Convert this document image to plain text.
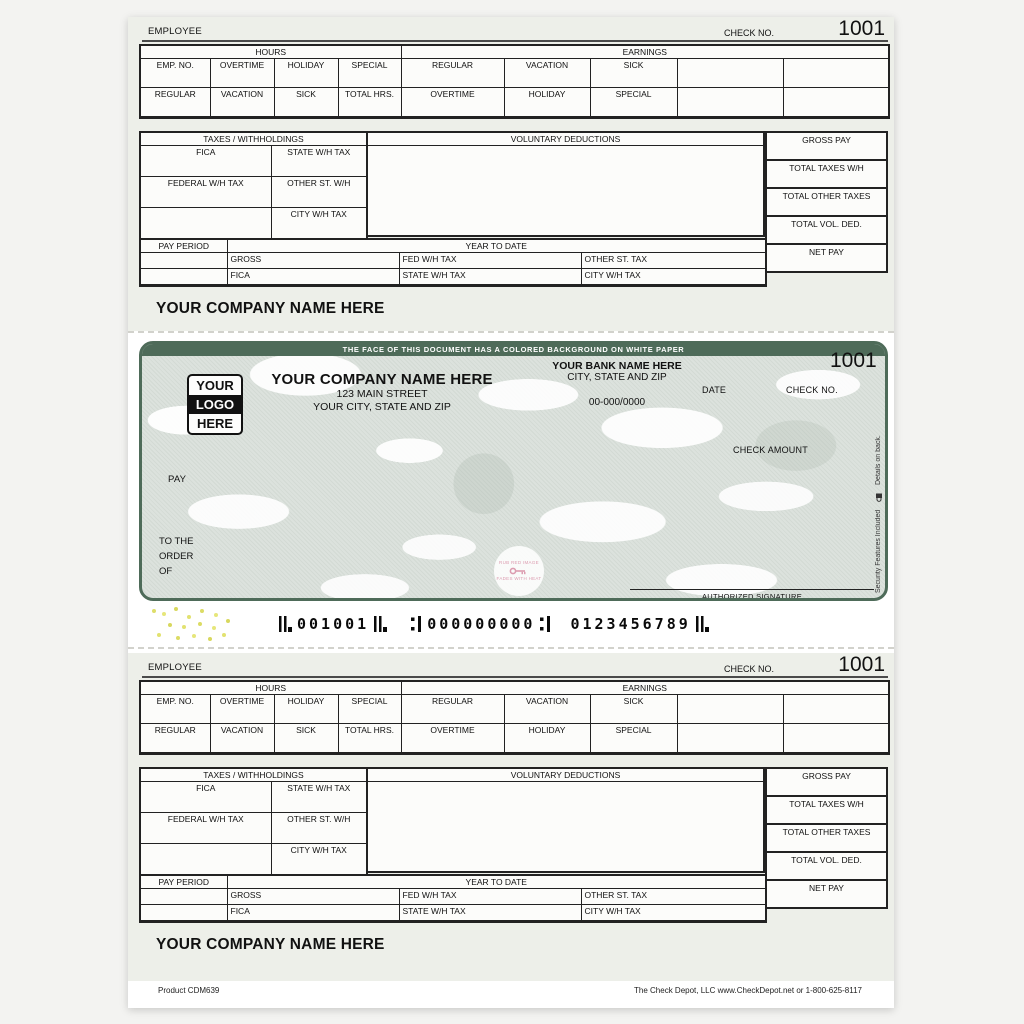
EMPLOYEE	CHECK NO.	1001
HOURS				EARNINGS				
EMP. NO.	OVERTIME	HOLIDAY	SPECIAL	REGULAR	VACATION	SICK		
REGULAR	VACATION	SICK	TOTAL HRS.	OVERTIME	HOLIDAY	SPECIAL		
TAXES / WITHHOLDINGS	
FICA	STATE W/H TAX
FEDERAL W/H TAX	OTHER ST. W/H
	CITY W/H TAX
VOLUNTARY DEDUCTIONS	GROSS PAY
TOTAL TAXES W/H
TOTAL OTHER TAXES
TOTAL VOL. DED.
NET PAY
PAY PERIOD	YEAR TO DATE		
	GROSS	FED W/H TAX	OTHER ST. TAX
	FICA	STATE W/H TAX	CITY W/H TAX
YOUR COMPANY NAME HERE
THE FACE OF THIS DOCUMENT HAS A COLORED BACKGROUND ON WHITE PAPER
YOUR
LOGO
HERE
YOUR COMPANY NAME HERE
123 MAIN STREET
YOUR CITY, STATE AND ZIP
YOUR BANK NAME HERE
CITY, STATE AND ZIP
00-000/0000
DATE	CHECK NO.
1001
CHECK AMOUNT
PAY
TO THE
ORDER
OF
RUB RED IMAGE
FADES WITH HEAT
AUTHORIZED SIGNATURE
Security Features Included  Details on back.
001001	000000000 0123456789
EMPLOYEE	CHECK NO.	1001
HOURS				EARNINGS				
EMP. NO.	OVERTIME	HOLIDAY	SPECIAL	REGULAR	VACATION	SICK		
REGULAR	VACATION	SICK	TOTAL HRS.	OVERTIME	HOLIDAY	SPECIAL		
TAXES / WITHHOLDINGS	
FICA	STATE W/H TAX
FEDERAL W/H TAX	OTHER ST. W/H
	CITY W/H TAX
VOLUNTARY DEDUCTIONS	GROSS PAY
TOTAL TAXES W/H
TOTAL OTHER TAXES
TOTAL VOL. DED.
NET PAY
PAY PERIOD	YEAR TO DATE		
	GROSS	FED W/H TAX	OTHER ST. TAX
	FICA	STATE W/H TAX	CITY W/H TAX
YOUR COMPANY NAME HERE
Product CDM639	The Check Depot, LLC www.CheckDepot.net or 1-800-625-8117
